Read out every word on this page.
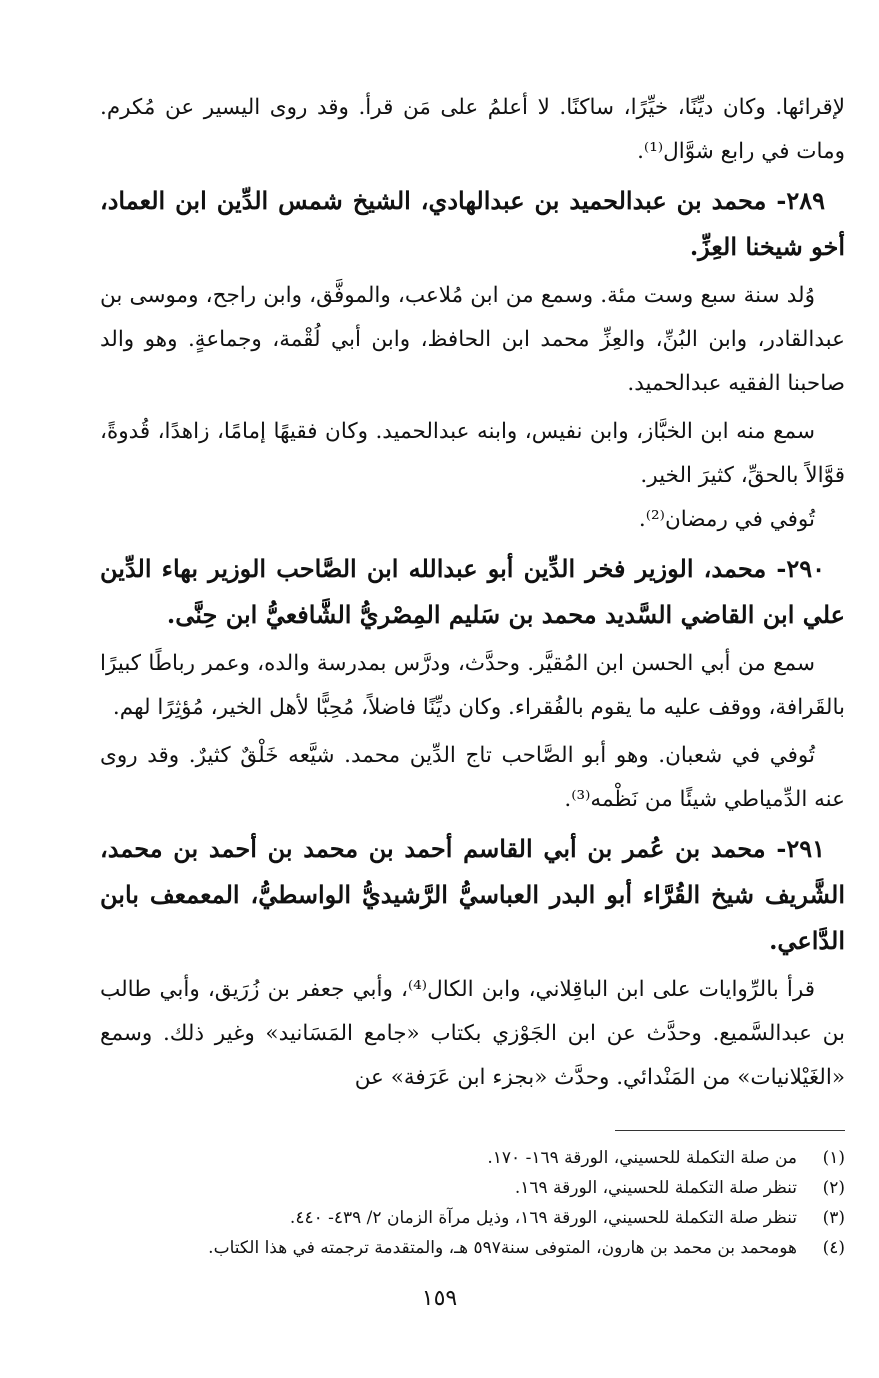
لإقرائها. وكان ديِّنًا، خيِّرًا، ساكنًا. لا أعلمُ على مَن قرأ. وقد روى اليسير عن مُكرم. ومات في رابع شوَّال⁽¹⁾.

٢٨٩- محمد بن عبدالحميد بن عبدالهادي، الشيخ شمس الدِّين ابن العماد، أخو شيخنا العِزِّ.

وُلد سنة سبع وست مئة. وسمع من ابن مُلاعب، والموفَّق، وابن راجح، وموسى بن عبدالقادر، وابن البُنِّ، والعِزِّ محمد ابن الحافظ، وابن أبي لُقْمة، وجماعةٍ. وهو والد صاحبنا الفقيه عبدالحميد.

سمع منه ابن الخبَّاز، وابن نفيس، وابنه عبدالحميد. وكان فقيهًا إمامًا، زاهدًا، قُدوةً، قوَّالاً بالحقِّ، كثيرَ الخير.

تُوفي في رمضان⁽²⁾.

٢٩٠- محمد، الوزير فخر الدِّين أبو عبدالله ابن الصَّاحب الوزير بهاء الدِّين علي ابن القاضي السَّديد محمد بن سَليم المِصْريُّ الشَّافعيُّ ابن حِنَّى.

سمع من أبي الحسن ابن المُقيَّر. وحدَّث، ودرَّس بمدرسة والده، وعمر رباطًا كبيرًا بالقَرافة، ووقف عليه ما يقوم بالفُقراء. وكان ديِّنًا فاضلاً، مُحِبًّا لأهل الخير، مُؤثِرًا لهم.

تُوفي في شعبان. وهو أبو الصَّاحب تاج الدِّين محمد. شيَّعه خَلْقٌ كثيرٌ. وقد روى عنه الدِّمياطي شيئًا من نَظْمه⁽³⁾.

٢٩١- محمد بن عُمر بن أبي القاسم أحمد بن محمد بن أحمد بن محمد، الشَّريف شيخ القُرَّاء أبو البدر العباسيُّ الرَّشيديُّ الواسطيُّ، المعمعف بابن الدَّاعي.

قرأ بالرِّوايات على ابن الباقِلاني، وابن الكال⁽⁴⁾، وأبي جعفر بن زُرَيق، وأبي طالب بن عبدالسَّميع. وحدَّث عن ابن الجَوْزي بكتاب «جامع المَسَانيد» وغير ذلك. وسمع «الغَيْلانيات» من المَنْدائي. وحدَّث «بجزء ابن عَرَفة» عن

(١)
من صلة التكملة للحسيني، الورقة ١٦٩- ١٧٠.
(٢)
تنظر صلة التكملة للحسيني، الورقة ١٦٩.
(٣)
تنظر صلة التكملة للحسيني، الورقة ١٦٩، وذيل مرآة الزمان ٢/ ٤٣٩- ٤٤٠.
(٤)
هومحمد بن محمد بن هارون، المتوفى سنة٥٩٧ هـ، والمتقدمة ترجمته في هذا الكتاب.
١٥٩
